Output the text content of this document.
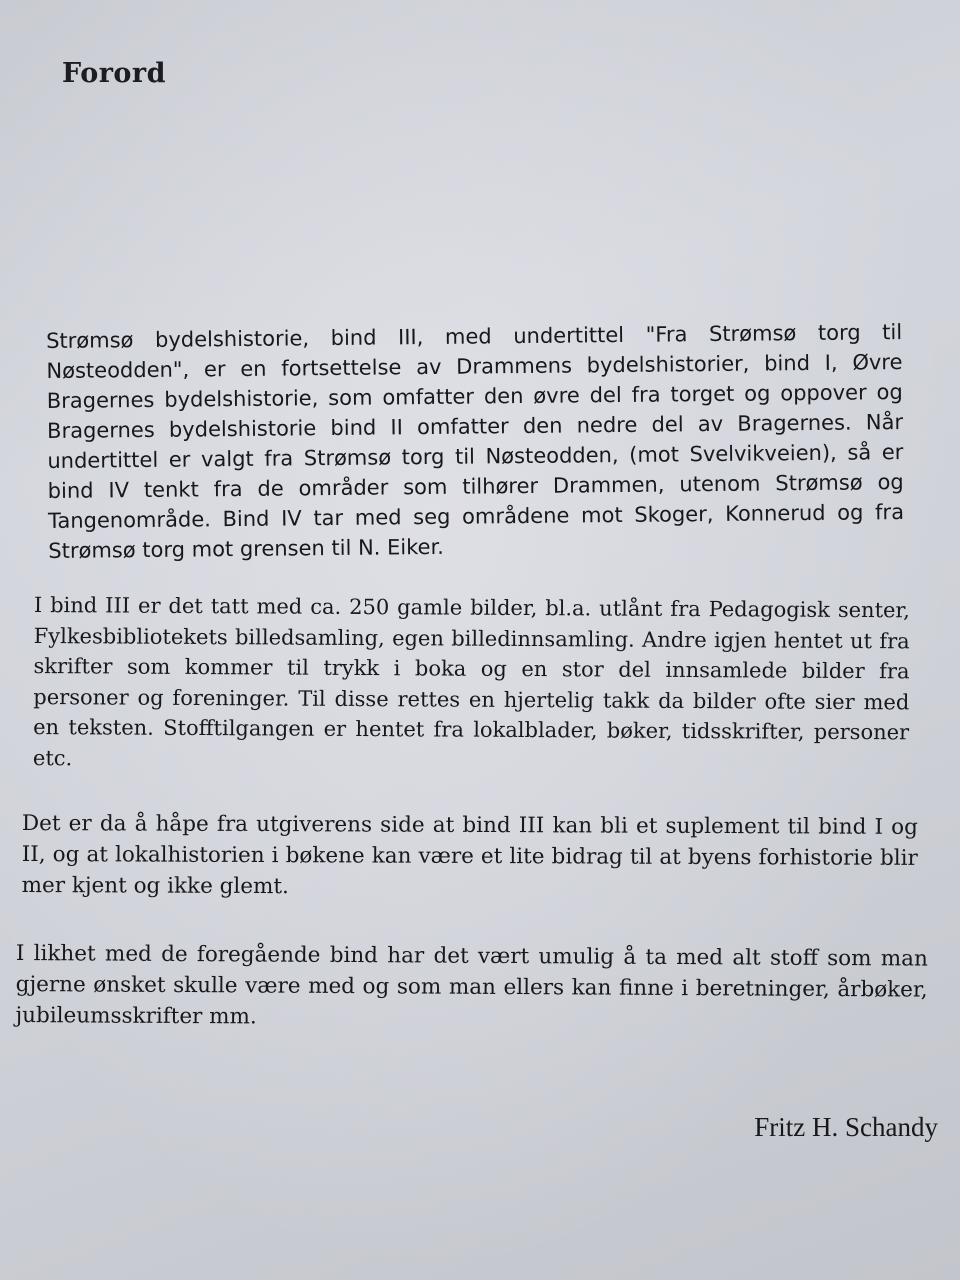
Forord
Strømsø bydelshistorie, bind III, med undertittel "Fra Strømsø torg til Nøsteodden", er en fortsettelse av Drammens bydelshistorier, bind I, Øvre Bragernes bydelshistorie, som omfatter den øvre del fra torget og oppover og Bragernes bydelshistorie bind II omfatter den nedre del av Bragernes. Når undertittel er valgt fra Strømsø torg til Nøsteodden, (mot Svelvikveien), så er bind IV tenkt fra de områder som tilhører Drammen, utenom Strømsø og Tangenområde. Bind IV tar med seg områdene mot Skoger, Konnerud og fra Strømsø torg mot grensen til N. Eiker.
I bind III er det tatt med ca. 250 gamle bilder, bl.a. utlånt fra Pedagogisk senter, Fylkesbibliotekets billedsamling, egen billedinnsamling. Andre igjen hentet ut fra skrifter som kommer til trykk i boka og en stor del innsamlede bilder fra personer og foreninger. Til disse rettes en hjertelig takk da bilder ofte sier med en teksten. Stofftilgangen er hentet fra lokalblader, bøker, tidsskrifter, personer etc.
Det er da å håpe fra utgiverens side at bind III kan bli et suplement til bind I og II, og at lokalhistorien i bøkene kan være et lite bidrag til at byens forhistorie blir mer kjent og ikke glemt.
I likhet med de foregående bind har det vært umulig å ta med alt stoff som man gjerne ønsket skulle være med og som man ellers kan finne i beretninger, årbøker, jubileumsskrifter mm.
Fritz H. Schandy
